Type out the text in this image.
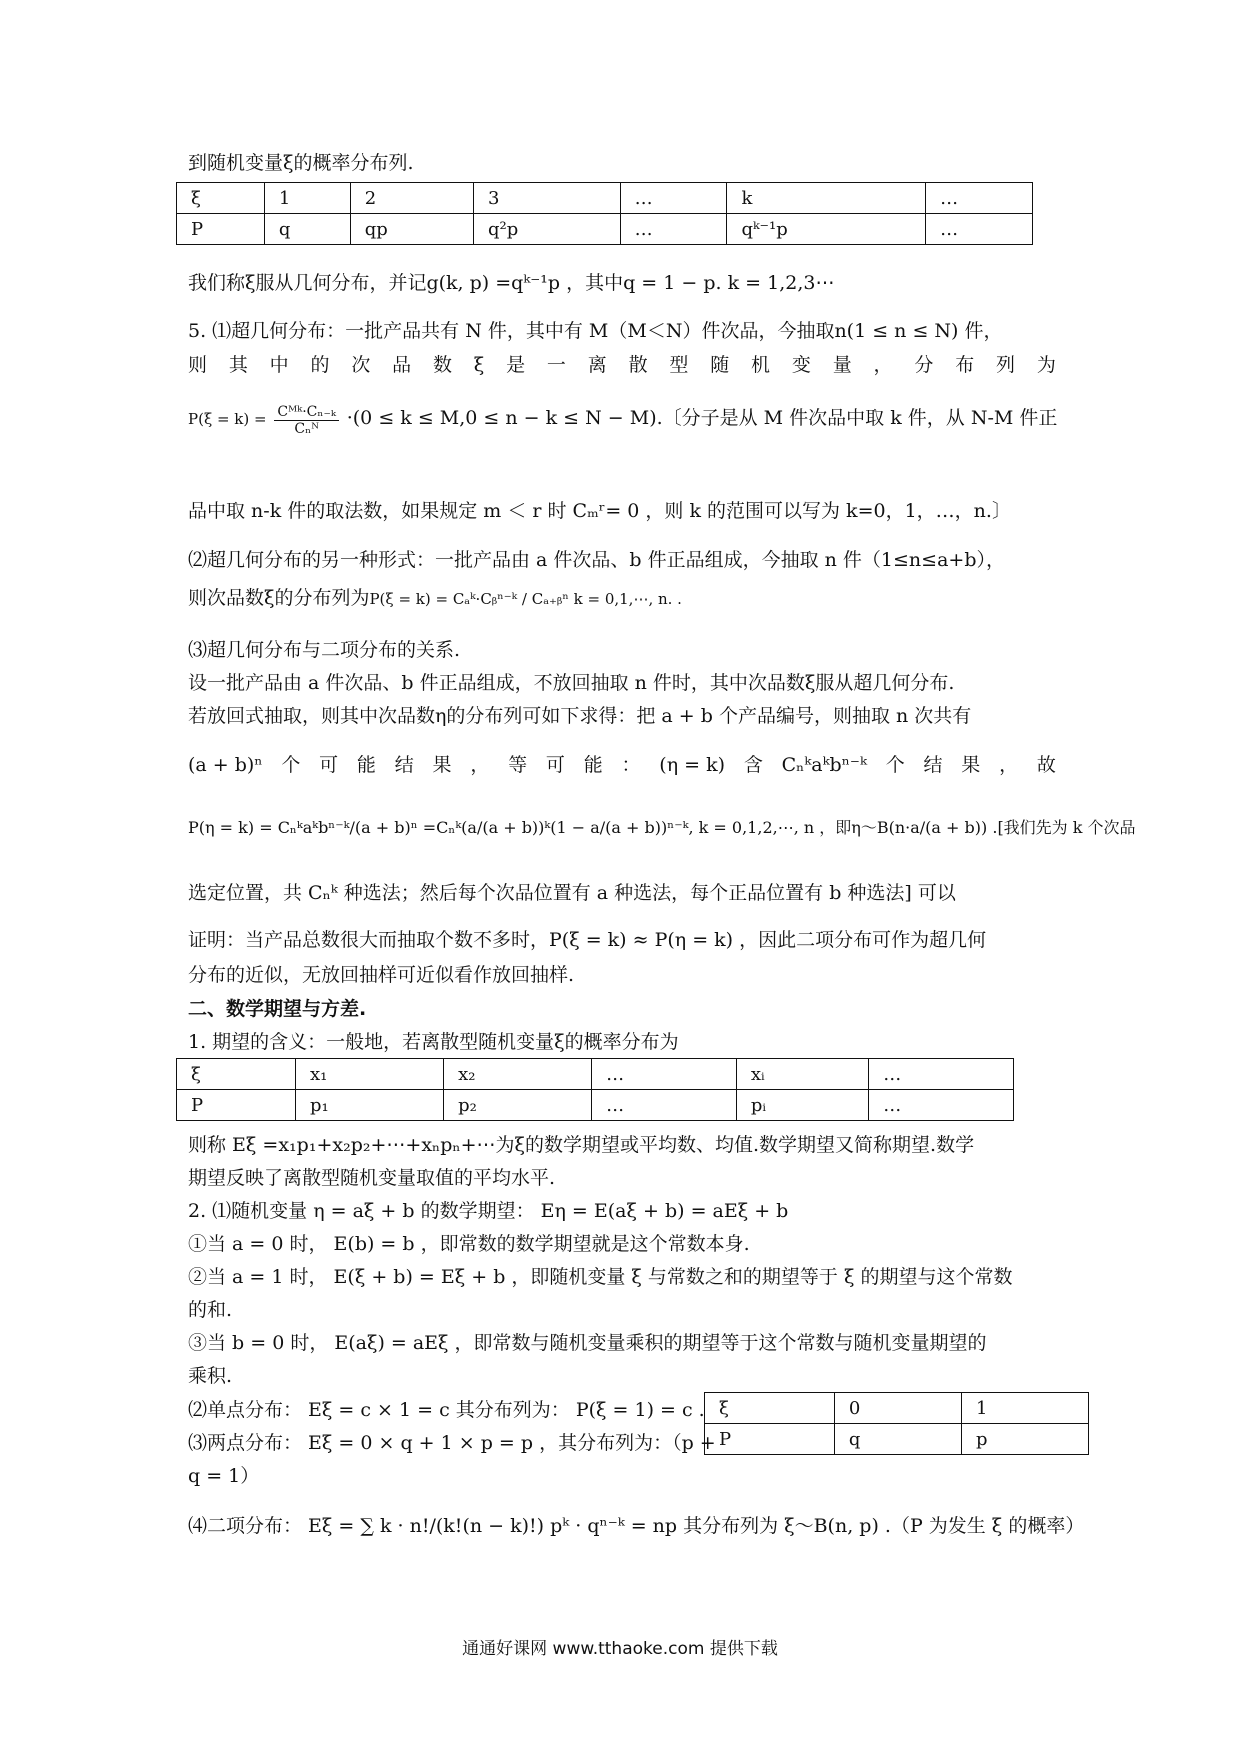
到随机变量ξ的概率分布列.
ξ	1	2	3	…	k	…
P	q	qp	q²p	…	qᵏ⁻¹p	…
我们称ξ服从几何分布，并记g(k, p) =qᵏ⁻¹p ，其中q = 1 − p. k = 1,2,3⋯
5. ⑴超几何分布：一批产品共有 N 件，其中有 M（M＜N）件次品，今抽取n(1 ≤ n ≤ N) 件，
则 其 中 的 次 品 数 ξ 是 一 离 散 型 随 机 变 量 ， 分 布 列 为
$P(\xi = k) = \frac{\text{Cᴹᵏ·Cₙ₋ₖ}}{\text{Cₙᴺ}} \cdot(0 \le k \le M,0 \le n - k \le N - M)$.〔分子是从 M 件次品中取 k 件，从 N-M 件正
品中取 n-k 件的取法数，如果规定 m ＜ r 时 Cₘʳ= 0 ，则 k 的范围可以写为 k=0，1，…，n.〕
⑵超几何分布的另一种形式：一批产品由 a 件次品、b 件正品组成，今抽取 n 件（1≤n≤a+b），
则次品数ξ的分布列为P(ξ = k) = Cₐᵏ·Cᵦⁿ⁻ᵏ / Cₐ₊ᵦⁿ k = 0,1,⋯, n. .
⑶超几何分布与二项分布的关系.
设一批产品由 a 件次品、b 件正品组成，不放回抽取 n 件时，其中次品数ξ服从超几何分布.
若放回式抽取，则其中次品数η的分布列可如下求得：把 a + b 个产品编号，则抽取 n 次共有
(a + b)ⁿ 个 可 能 结 果 ， 等 可 能 ： (η = k) 含 Cₙᵏaᵏbⁿ⁻ᵏ 个 结 果 ， 故
P(η = k) = Cₙᵏaᵏbⁿ⁻ᵏ/(a + b)ⁿ =Cₙᵏ(a/(a + b))ᵏ(1 − a/(a + b))ⁿ⁻ᵏ, k = 0,1,2,⋯, n ，即η～B(n·a/(a + b)) .[我们先为 k 个次品
选定位置，共 Cₙᵏ 种选法；然后每个次品位置有 a 种选法，每个正品位置有 b 种选法] 可以
证明：当产品总数很大而抽取个数不多时，P(ξ = k) ≈ P(η = k) ，因此二项分布可作为超几何
分布的近似，无放回抽样可近似看作放回抽样.
二、数学期望与方差.
1. 期望的含义：一般地，若离散型随机变量ξ的概率分布为
ξ	x₁	x₂	…	xᵢ	…
P	p₁	p₂	…	pᵢ	…
则称 Eξ =x₁p₁+x₂p₂+⋯+xₙpₙ+⋯为ξ的数学期望或平均数、均值.数学期望又简称期望.数学
期望反映了离散型随机变量取值的平均水平.
2. ⑴随机变量 η = aξ + b 的数学期望： Eη = E(aξ + b) = aEξ + b
①当 a = 0 时， E(b) = b ，即常数的数学期望就是这个常数本身.
②当 a = 1 时， E(ξ + b) = Eξ + b ，即随机变量 ξ 与常数之和的期望等于 ξ 的期望与这个常数
的和.
③当 b = 0 时， E(aξ) = aEξ ，即常数与随机变量乘积的期望等于这个常数与随机变量期望的
乘积.
⑵单点分布： Eξ = c × 1 = c 其分布列为： P(ξ = 1) = c .
⑶两点分布： Eξ = 0 × q + 1 × p = p ，其分布列为：（p +
q = 1）
ξ	0	1
P	q	p
⑷二项分布： Eξ = ∑ k · n!/(k!(n − k)!) pᵏ · qⁿ⁻ᵏ = np 其分布列为 ξ～B(n, p) .（P 为发生 ξ 的概率）
通通好课网 www.tthaoke.com 提供下载
